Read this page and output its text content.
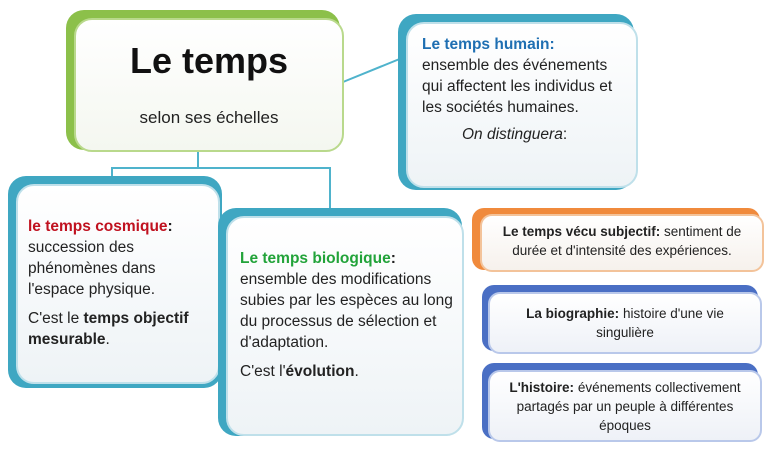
Le temps

selon ses échelles

Le temps humain:

ensemble des événements qui affectent les individus et les sociétés humaines.

On distinguera:

le temps cosmique:

succession des phénomènes dans l'espace physique.

C'est le temps objectif mesurable.

Le temps biologique:

ensemble des modifications subies par les espèces au long du processus de sélection et d'adaptation.

C'est l'évolution.

Le temps vécu subjectif: sentiment de durée et d'intensité des expériences.
La biographie: histoire d'une vie singulière
L'histoire: événements collectivement partagés par un peuple à différentes époques
